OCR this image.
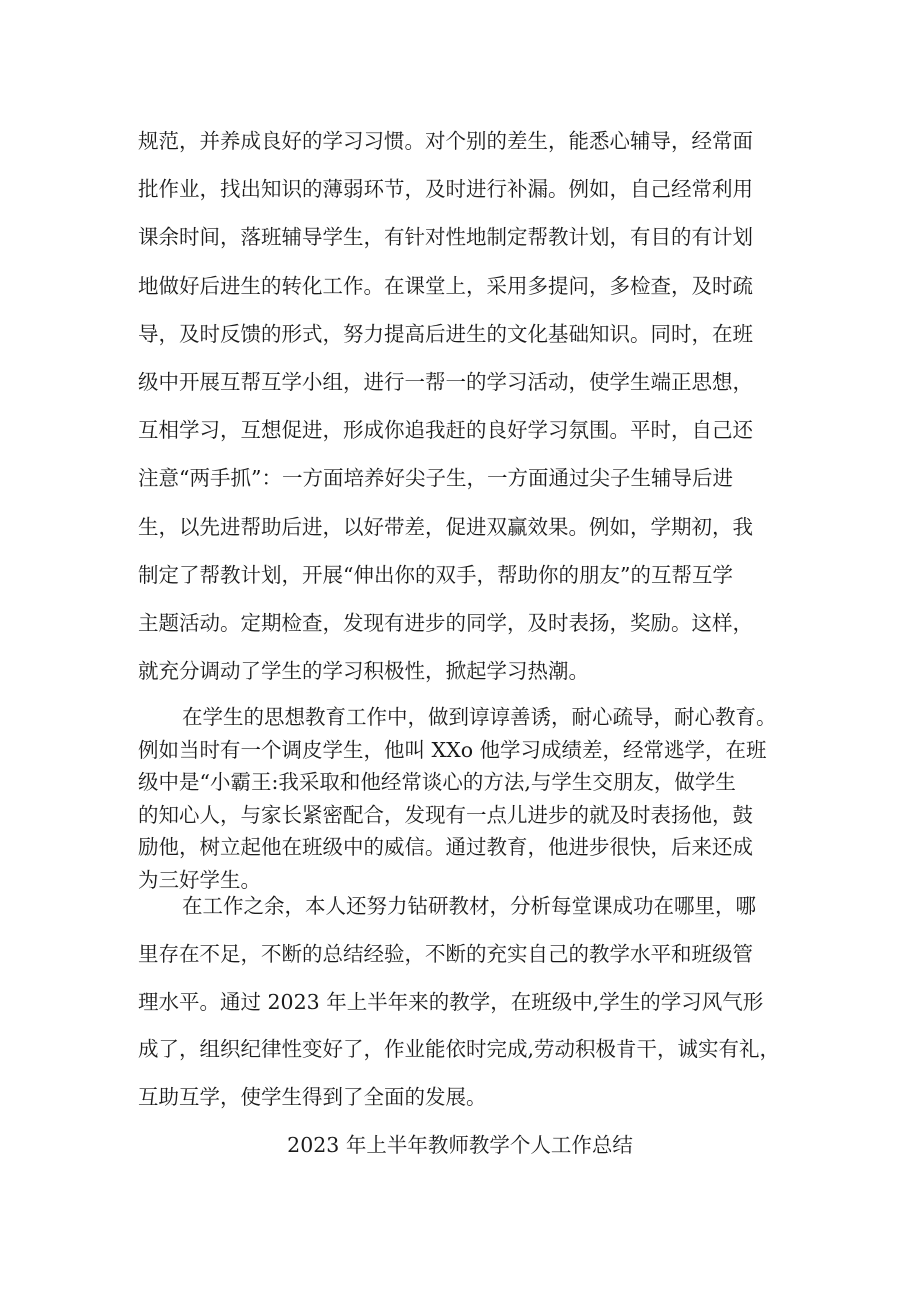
规范，并养成良好的学习习惯。对个别的差生，能悉心辅导，经常面
批作业，找出知识的薄弱环节，及时进行补漏。例如，自己经常利用
课余时间，落班辅导学生，有针对性地制定帮教计划，有目的有计划
地做好后进生的转化工作。在课堂上，采用多提问，多检查，及时疏
导，及时反馈的形式，努力提高后进生的文化基础知识。同时，在班
级中开展互帮互学小组，进行一帮一的学习活动，使学生端正思想，
互相学习，互想促进，形成你追我赶的良好学习氛围。平时，自己还
注意“两手抓”：一方面培养好尖子生，一方面通过尖子生辅导后进
生，以先进帮助后进，以好带差，促进双赢效果。例如，学期初，我
制定了帮教计划，开展“伸出你的双手，帮助你的朋友”的互帮互学
主题活动。定期检查，发现有进步的同学，及时表扬，奖励。这样，
就充分调动了学生的学习积极性，掀起学习热潮。
在学生的思想教育工作中，做到谆谆善诱，耐心疏导，耐心教育。
例如当时有一个调皮学生，他叫 XXo 他学习成绩差，经常逃学，在班
级中是“小霸王:我采取和他经常谈心的方法,与学生交朋友，做学生
的知心人，与家长紧密配合，发现有一点儿进步的就及时表扬他，鼓
励他，树立起他在班级中的威信。通过教育，他进步很快，后来还成
为三好学生。
在工作之余，本人还努力钻研教材，分析每堂课成功在哪里，哪
里存在不足，不断的总结经验，不断的充实自己的教学水平和班级管
理水平。通过 2023 年上半年来的教学，在班级中,学生的学习风气形
成了，组织纪律性变好了，作业能依时完成,劳动积极肯干，诚实有礼，
互助互学，使学生得到了全面的发展。
2023 年上半年教师教学个人工作总结
